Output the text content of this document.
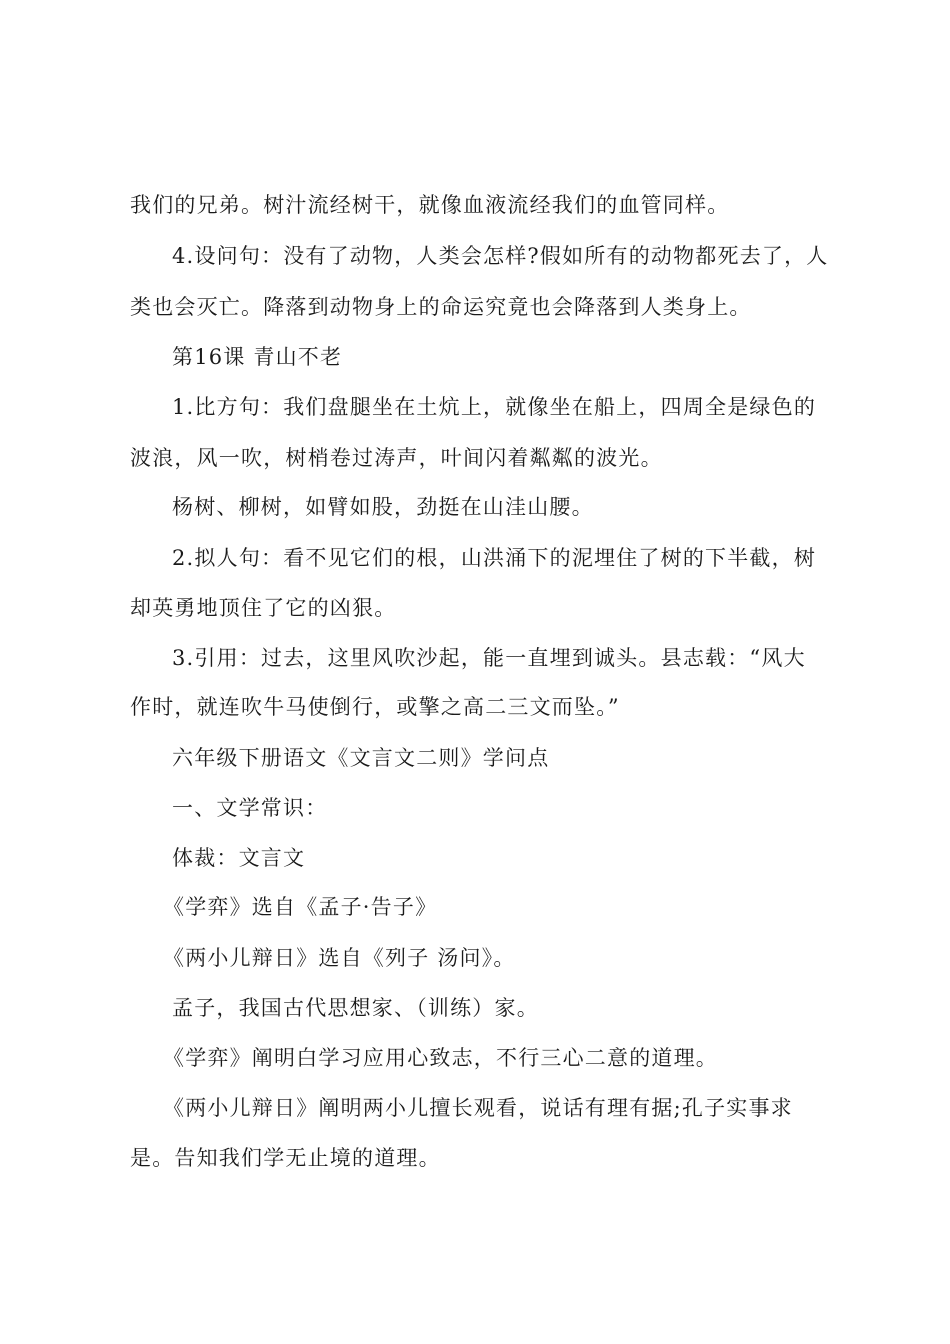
我们的兄弟。树汁流经树干，就像血液流经我们的血管同样。
4.设问句：没有了动物，人类会怎样?假如所有的动物都死去了，人
类也会灭亡。降落到动物身上的命运究竟也会降落到人类身上。
第16课 青山不老
1.比方句：我们盘腿坐在土炕上，就像坐在船上，四周全是绿色的
波浪，风一吹，树梢卷过涛声，叶间闪着粼粼的波光。
杨树、柳树，如臂如股，劲挺在山洼山腰。
2.拟人句：看不见它们的根，山洪涌下的泥埋住了树的下半截，树
却英勇地顶住了它的凶狠。
3.引用：过去，这里风吹沙起，能一直埋到诚头。县志载：“风大
作时，就连吹牛马使倒行，或擎之高二三文而坠。”
六年级下册语文《文言文二则》学问点
一、文学常识：
体裁：文言文
《学弈》选自《孟子·告子》
《两小儿辩日》选自《列子 汤问》。
孟子，我国古代思想家、（训练）家。
《学弈》阐明白学习应用心致志，不行三心二意的道理。
《两小儿辩日》阐明两小儿擅长观看，说话有理有据;孔子实事求
是。告知我们学无止境的道理。
